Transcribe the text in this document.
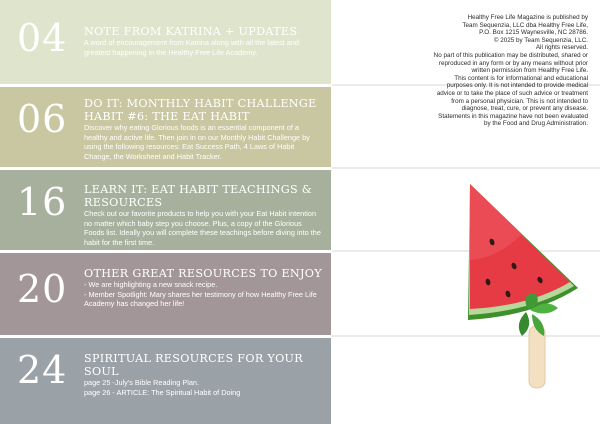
04 NOTE FROM KATRINA + UPDATES
A word of encouragement from Katrina along with all the latest and greatest happening in the Healthy Free Life Academy.
06 DO IT: MONTHLY HABIT CHALLENGE HABIT #6: THE EAT HABIT
Discover why eating Glorious foods is an essential component of a healthy and active life. Then join in on our Monthly Habit Challenge by using the following resources: Eat Success Path, 4 Laws of Habit Change, the Worksheet and Habit Tracker.
16 LEARN IT: EAT HABIT TEACHINGS & RESOURCES
Check out our favorite products to help you with your Eat Habit intention no matter which baby step you choose. Plus, a copy of the Glorious Foods list. Ideally you will complete these teachings before diving into the habit for the first time.
20 OTHER GREAT RESOURCES TO ENJOY
- We are highlighting a new snack recipe.
- Member Spotlight: Mary shares her testimony of how Healthy Free Life Academy has changed her life!
24 SPIRITUAL RESOURCES FOR YOUR SOUL
page 25 -July's Bible Reading Plan.
page 26 - ARTICLE: The Spiritual Habit of Doing
Healthy Free Life Magazine is published by
Team Sequenzia, LLC dba Healthy Free Life,
P.O. Box 1215 Waynesville, NC 28786.
© 2025 by Team Sequenzia, LLC.
All rights reserved.
No part of this publication may be distributed, shared or
reproduced in any form or by any means without prior
written permission from Healthy Free Life.
This content is for informational and educational
purposes only. It is not intended to provide medical
advice or to take the place of such advice or treatment
from a personal physician. This is not intended to
diagnose, treat, cure, or prevent any disease.
Statements in this magazine have not been evaluated
by the Food and Drug Administration.
